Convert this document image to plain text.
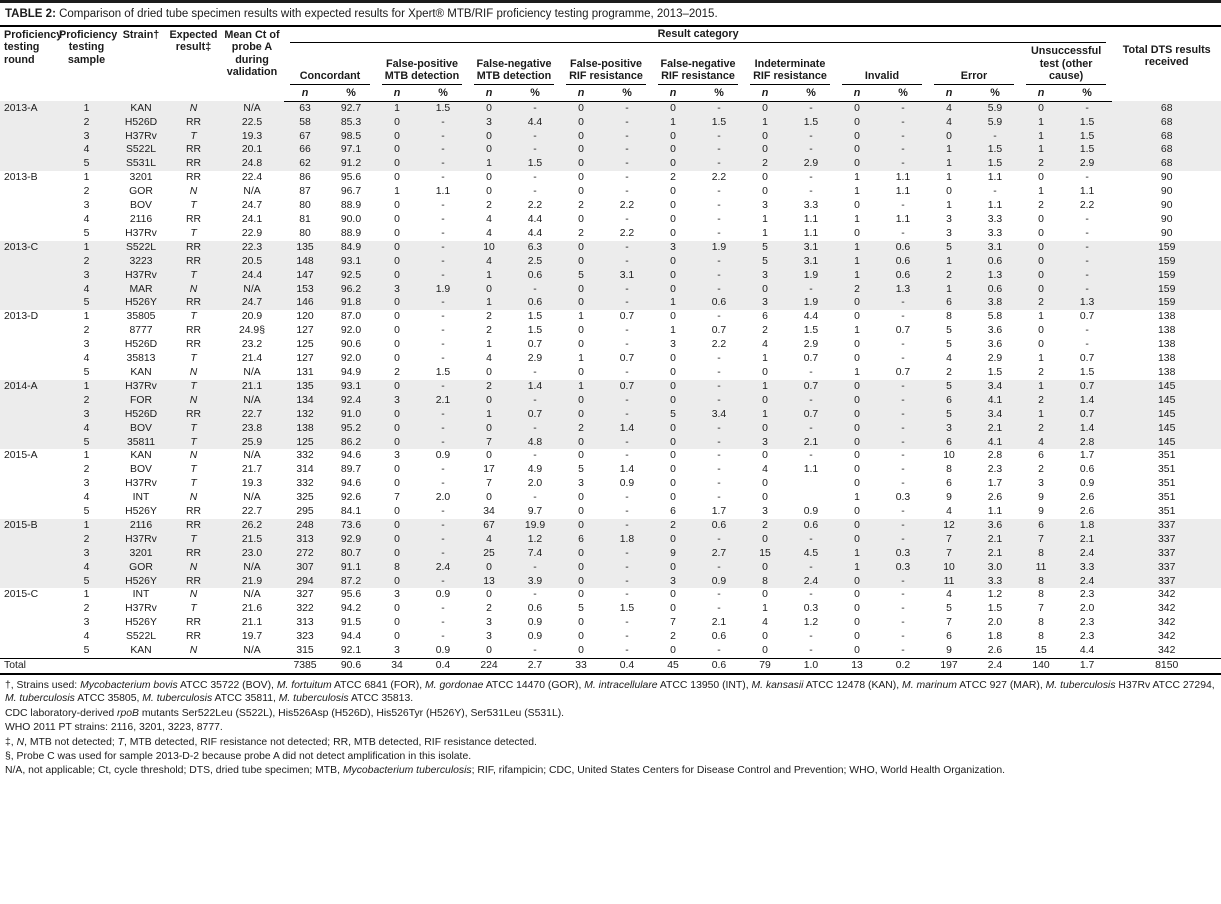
TABLE 2: Comparison of dried tube specimen results with expected results for Xpert® MTB/RIF proficiency testing programme, 2013–2015.
Proficiency testing round	Proficiency testing sample	Strain†	Expected result‡	Mean Ct of probe A during validation	Result category																		Total DTS results received

Concordant		False-positive MTB detection		False-negative MTB detection		False-positive RIF resistance		False-negative RIF resistance		Indeterminate RIF resistance		Invalid		Error		Unsuccessful test (other cause)		

					n	%	n	%	n	%	n	%	n	%	n	%	n	%	n	%	n	%	
2013-A	1	KAN	N	N/A	63	92.7	1	1.5	0	-	0	-	0	-	0	-	0	-	4	5.9	0	-	68
	2	H526D	RR	22.5	58	85.3	0	-	3	4.4	0	-	1	1.5	1	1.5	0	-	4	5.9	1	1.5	68
	3	H37Rv	T	19.3	67	98.5	0	-	0	-	0	-	0	-	0	-	0	-	0	-	1	1.5	68
	4	S522L	RR	20.1	66	97.1	0	-	0	-	0	-	0	-	0	-	0	-	1	1.5	1	1.5	68
	5	S531L	RR	24.8	62	91.2	0	-	1	1.5	0	-	0	-	2	2.9	0	-	1	1.5	2	2.9	68
2013-B	1	3201	RR	22.4	86	95.6	0	-	0	-	0	-	2	2.2	0	-	1	1.1	1	1.1	0	-	90
	2	GOR	N	N/A	87	96.7	1	1.1	0	-	0	-	0	-	0	-	1	1.1	0	-	1	1.1	90
	3	BOV	T	24.7	80	88.9	0	-	2	2.2	2	2.2	0	-	3	3.3	0	-	1	1.1	2	2.2	90
	4	2116	RR	24.1	81	90.0	0	-	4	4.4	0	-	0	-	1	1.1	1	1.1	3	3.3	0	-	90
	5	H37Rv	T	22.9	80	88.9	0	-	4	4.4	2	2.2	0	-	1	1.1	0	-	3	3.3	0	-	90
2013-C	1	S522L	RR	22.3	135	84.9	0	-	10	6.3	0	-	3	1.9	5	3.1	1	0.6	5	3.1	0	-	159
	2	3223	RR	20.5	148	93.1	0	-	4	2.5	0	-	0	-	5	3.1	1	0.6	1	0.6	0	-	159
	3	H37Rv	T	24.4	147	92.5	0	-	1	0.6	5	3.1	0	-	3	1.9	1	0.6	2	1.3	0	-	159
	4	MAR	N	N/A	153	96.2	3	1.9	0	-	0	-	0	-	0	-	2	1.3	1	0.6	0	-	159
	5	H526Y	RR	24.7	146	91.8	0	-	1	0.6	0	-	1	0.6	3	1.9	0	-	6	3.8	2	1.3	159
2013-D	1	35805	T	20.9	120	87.0	0	-	2	1.5	1	0.7	0	-	6	4.4	0	-	8	5.8	1	0.7	138
	2	8777	RR	24.9§	127	92.0	0	-	2	1.5	0	-	1	0.7	2	1.5	1	0.7	5	3.6	0	-	138
	3	H526D	RR	23.2	125	90.6	0	-	1	0.7	0	-	3	2.2	4	2.9	0	-	5	3.6	0	-	138
	4	35813	T	21.4	127	92.0	0	-	4	2.9	1	0.7	0	-	1	0.7	0	-	4	2.9	1	0.7	138
	5	KAN	N	N/A	131	94.9	2	1.5	0	-	0	-	0	-	0	-	1	0.7	2	1.5	2	1.5	138
2014-A	1	H37Rv	T	21.1	135	93.1	0	-	2	1.4	1	0.7	0	-	1	0.7	0	-	5	3.4	1	0.7	145
	2	FOR	N	N/A	134	92.4	3	2.1	0	-	0	-	0	-	0	-	0	-	6	4.1	2	1.4	145
	3	H526D	RR	22.7	132	91.0	0	-	1	0.7	0	-	5	3.4	1	0.7	0	-	5	3.4	1	0.7	145
	4	BOV	T	23.8	138	95.2	0	-	0	-	2	1.4	0	-	0	-	0	-	3	2.1	2	1.4	145
	5	35811	T	25.9	125	86.2	0	-	7	4.8	0	-	0	-	3	2.1	0	-	6	4.1	4	2.8	145
2015-A	1	KAN	N	N/A	332	94.6	3	0.9	0	-	0	-	0	-	0	-	0	-	10	2.8	6	1.7	351
	2	BOV	T	21.7	314	89.7	0	-	17	4.9	5	1.4	0	-	4	1.1	0	-	8	2.3	2	0.6	351
	3	H37Rv	T	19.3	332	94.6	0	-	7	2.0	3	0.9	0	-	0		0	-	6	1.7	3	0.9	351
	4	INT	N	N/A	325	92.6	7	2.0	0	-	0	-	0	-	0		1	0.3	9	2.6	9	2.6	351
	5	H526Y	RR	22.7	295	84.1	0	-	34	9.7	0	-	6	1.7	3	0.9	0	-	4	1.1	9	2.6	351
2015-B	1	2116	RR	26.2	248	73.6	0	-	67	19.9	0	-	2	0.6	2	0.6	0	-	12	3.6	6	1.8	337
	2	H37Rv	T	21.5	313	92.9	0	-	4	1.2	6	1.8	0	-	0	-	0	-	7	2.1	7	2.1	337
	3	3201	RR	23.0	272	80.7	0	-	25	7.4	0	-	9	2.7	15	4.5	1	0.3	7	2.1	8	2.4	337
	4	GOR	N	N/A	307	91.1	8	2.4	0	-	0	-	0	-	0	-	1	0.3	10	3.0	11	3.3	337
	5	H526Y	RR	21.9	294	87.2	0	-	13	3.9	0	-	3	0.9	8	2.4	0	-	11	3.3	8	2.4	337
2015-C	1	INT	N	N/A	327	95.6	3	0.9	0	-	0	-	0	-	0	-	0	-	4	1.2	8	2.3	342
	2	H37Rv	T	21.6	322	94.2	0	-	2	0.6	5	1.5	0	-	1	0.3	0	-	5	1.5	7	2.0	342
	3	H526Y	RR	21.1	313	91.5	0	-	3	0.9	0	-	7	2.1	4	1.2	0	-	7	2.0	8	2.3	342
	4	S522L	RR	19.7	323	94.4	0	-	3	0.9	0	-	2	0.6	0	-	0	-	6	1.8	8	2.3	342
	5	KAN	N	N/A	315	92.1	3	0.9	0	-	0	-	0	-	0	-	0	-	9	2.6	15	4.4	342
Total					7385	90.6	34	0.4	224	2.7	33	0.4	45	0.6	79	1.0	13	0.2	197	2.4	140	1.7	8150
†, Strains used: Mycobacterium bovis ATCC 35722 (BOV), M. fortuitum ATCC 6841 (FOR), M. gordonae ATCC 14470 (GOR), M. intracellulare ATCC 13950 (INT), M. kansasii ATCC 12478 (KAN), M. marinum ATCC 927 (MAR), M. tuberculosis H37Rv ATCC 27294, M. tuberculosis ATCC 35805, M. tuberculosis ATCC 35811, M. tuberculosis ATCC 35813.
CDC laboratory-derived rpoB mutants Ser522Leu (S522L), His526Asp (H526D), His526Tyr (H526Y), Ser531Leu (S531L).
WHO 2011 PT strains: 2116, 3201, 3223, 8777.
‡, N, MTB not detected; T, MTB detected, RIF resistance not detected; RR, MTB detected, RIF resistance detected.
§, Probe C was used for sample 2013-D-2 because probe A did not detect amplification in this isolate.
N/A, not applicable; Ct, cycle threshold; DTS, dried tube specimen; MTB, Mycobacterium tuberculosis; RIF, rifampicin; CDC, United States Centers for Disease Control and Prevention; WHO, World Health Organization.
